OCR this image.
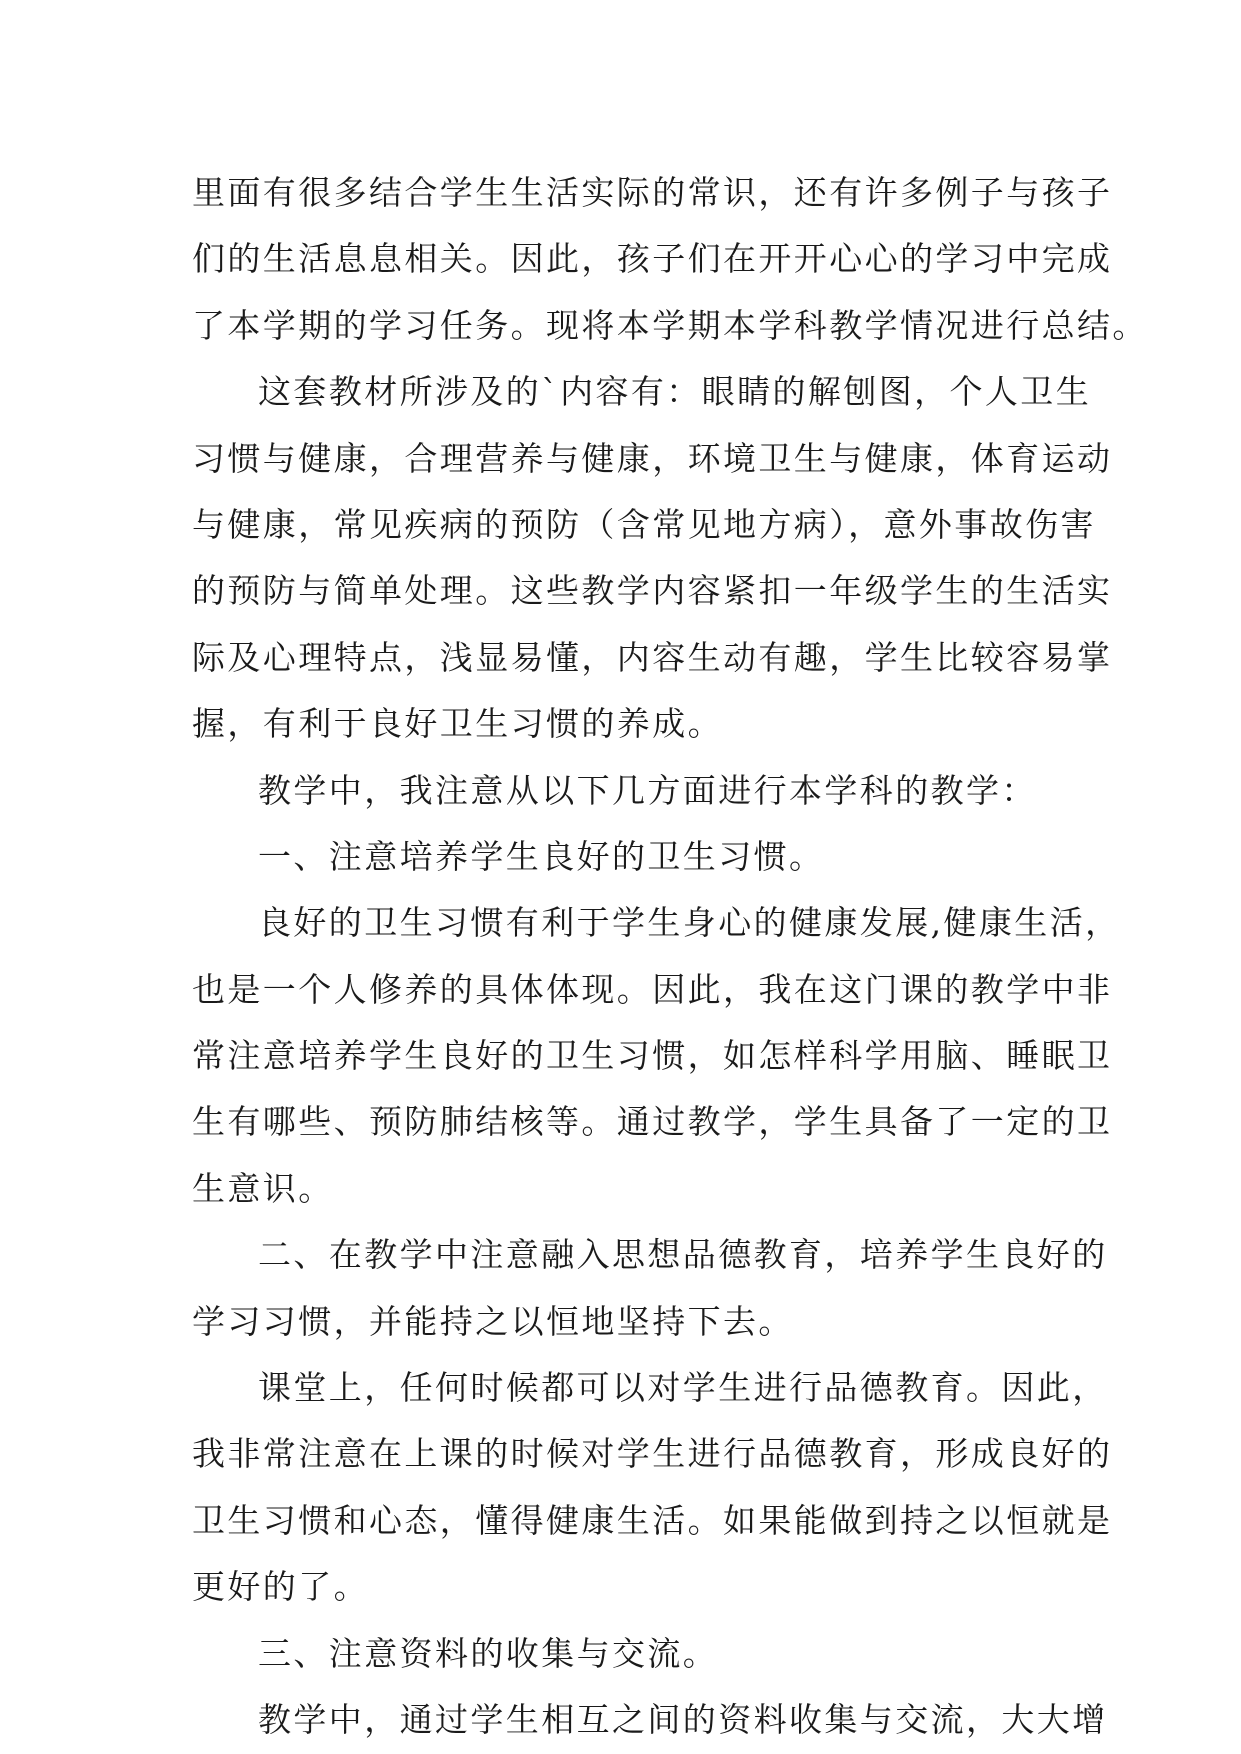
里面有很多结合学生生活实际的常识，还有许多例子与孩子
们的生活息息相关。因此，孩子们在开开心心的学习中完成
了本学期的学习任务。现将本学期本学科教学情况进行总结。
这套教材所涉及的`内容有：眼睛的解刨图，个人卫生
习惯与健康，合理营养与健康，环境卫生与健康，体育运动
与健康，常见疾病的预防（含常见地方病），意外事故伤害
的预防与简单处理。这些教学内容紧扣一年级学生的生活实
际及心理特点，浅显易懂，内容生动有趣，学生比较容易掌
握，有利于良好卫生习惯的养成。
教学中，我注意从以下几方面进行本学科的教学：
一、注意培养学生良好的卫生习惯。
良好的卫生习惯有利于学生身心的健康发展,健康生活，
也是一个人修养的具体体现。因此，我在这门课的教学中非
常注意培养学生良好的卫生习惯，如怎样科学用脑、睡眠卫
生有哪些、预防肺结核等。通过教学，学生具备了一定的卫
生意识。
二、在教学中注意融入思想品德教育，培养学生良好的
学习习惯，并能持之以恒地坚持下去。
课堂上，任何时候都可以对学生进行品德教育。因此，
我非常注意在上课的时候对学生进行品德教育，形成良好的
卫生习惯和心态，懂得健康生活。如果能做到持之以恒就是
更好的了。
三、注意资料的收集与交流。
教学中，通过学生相互之间的资料收集与交流，大大增
